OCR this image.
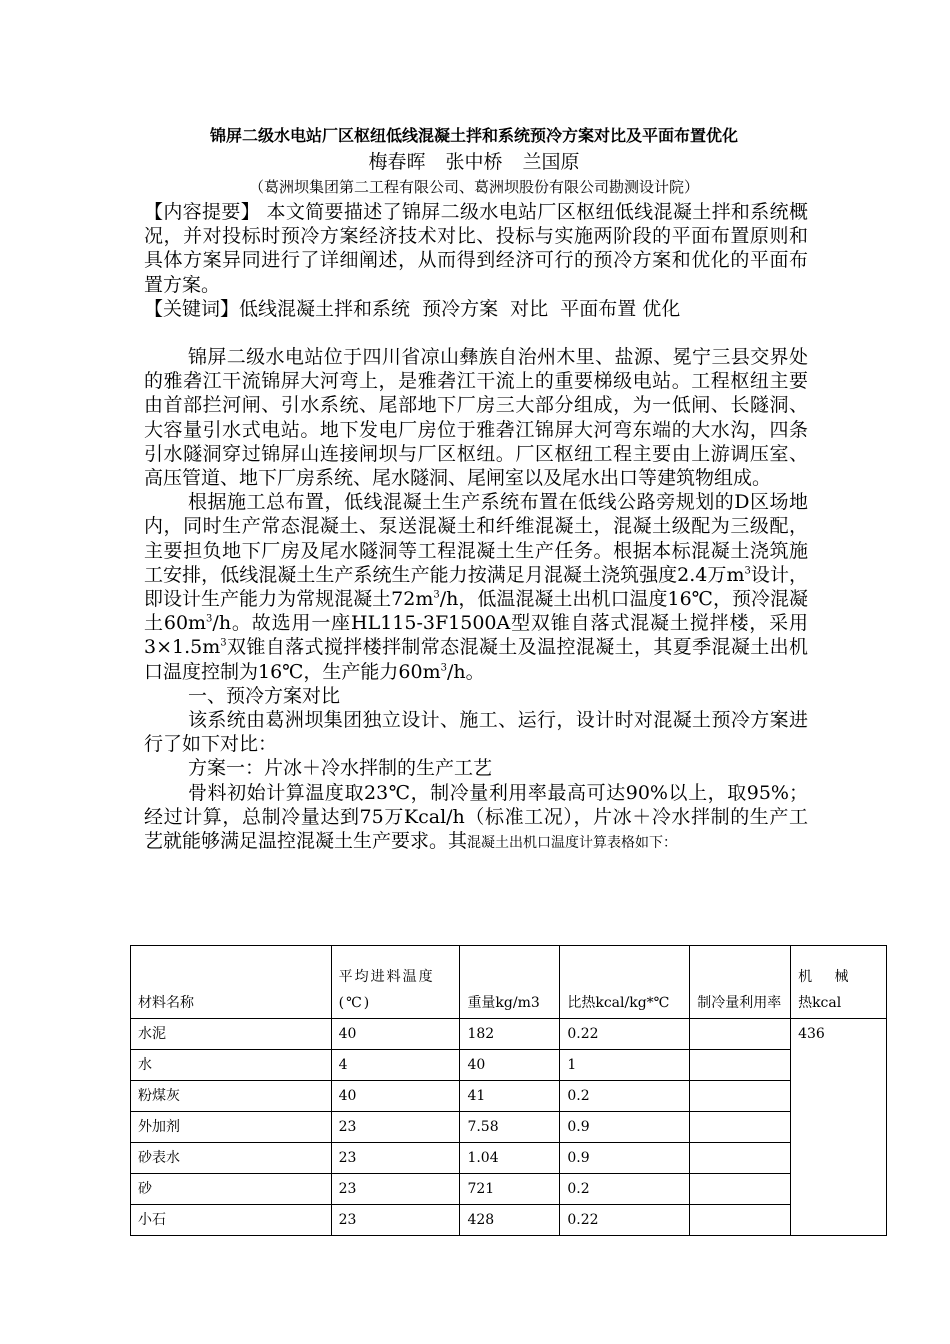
锦屏二级水电站厂区枢纽低线混凝土拌和系统预冷方案对比及平面布置优化
梅春晖 张中桥 兰国原
（葛洲坝集团第二工程有限公司、葛洲坝股份有限公司勘测设计院）

【内容提要】 本文简要描述了锦屏二级水电站厂区枢纽低线混凝土拌和系统概况，并对投标时预冷方案经济技术对比、投标与实施两阶段的平面布置原则和具体方案异同进行了详细阐述，从而得到经济可行的预冷方案和优化的平面布置方案。

【关键词】低线混凝土拌和系统  预冷方案  对比  平面布置 优化

锦屏二级水电站位于四川省凉山彝族自治州木里、盐源、冕宁三县交界处的雅砻江干流锦屏大河弯上，是雅砻江干流上的重要梯级电站。工程枢纽主要由首部拦河闸、引水系统、尾部地下厂房三大部分组成，为一低闸、长隧洞、大容量引水式电站。地下发电厂房位于雅砻江锦屏大河弯东端的大水沟，四条引水隧洞穿过锦屏山连接闸坝与厂区枢纽。厂区枢纽工程主要由上游调压室、高压管道、地下厂房系统、尾水隧洞、尾闸室以及尾水出口等建筑物组成。

根据施工总布置，低线混凝土生产系统布置在低线公路旁规划的D区场地内，同时生产常态混凝土、泵送混凝土和纤维混凝土，混凝土级配为三级配，主要担负地下厂房及尾水隧洞等工程混凝土生产任务。根据本标混凝土浇筑施工安排，低线混凝土生产系统生产能力按满足月混凝土浇筑强度2.4万$m^3$设计，即设计生产能力为常规混凝土$72m^3/h$，低温混凝土出机口温度16℃，预冷混凝土$60m^3/h$。故选用一座HL115-3F1500A型双锥自落式混凝土搅拌楼，采用$3\times 1.5m^3$双锥自落式搅拌楼拌制常态混凝土及温控混凝土，其夏季混凝土出机口温度控制为16℃，生产能力$60m^3/h$。

一、预冷方案对比

该系统由葛洲坝集团独立设计、施工、运行，设计时对混凝土预冷方案进行了如下对比：

方案一：片冰＋冷水拌制的生产工艺

骨料初始计算温度取23℃，制冷量利用率最高可达90%以上，取95%；经过计算，总制冷量达到75万Kcal/h（标准工况），片冰＋冷水拌制的生产工艺就能够满足温控混凝土生产要求。其混凝土出机口温度计算表格如下：

材料名称	平均进料温度(℃)	重量kg/m3	比热kcal/kg*℃	制冷量利用率	机 械 热kcal
水泥	40	182	0.22		436
水	4	40	1		
粉煤灰	40	41	0.2		
外加剂	23	7.58	0.9		
砂表水	23	1.04	0.9		
砂	23	721	0.2		
小石	23	428	0.22		
